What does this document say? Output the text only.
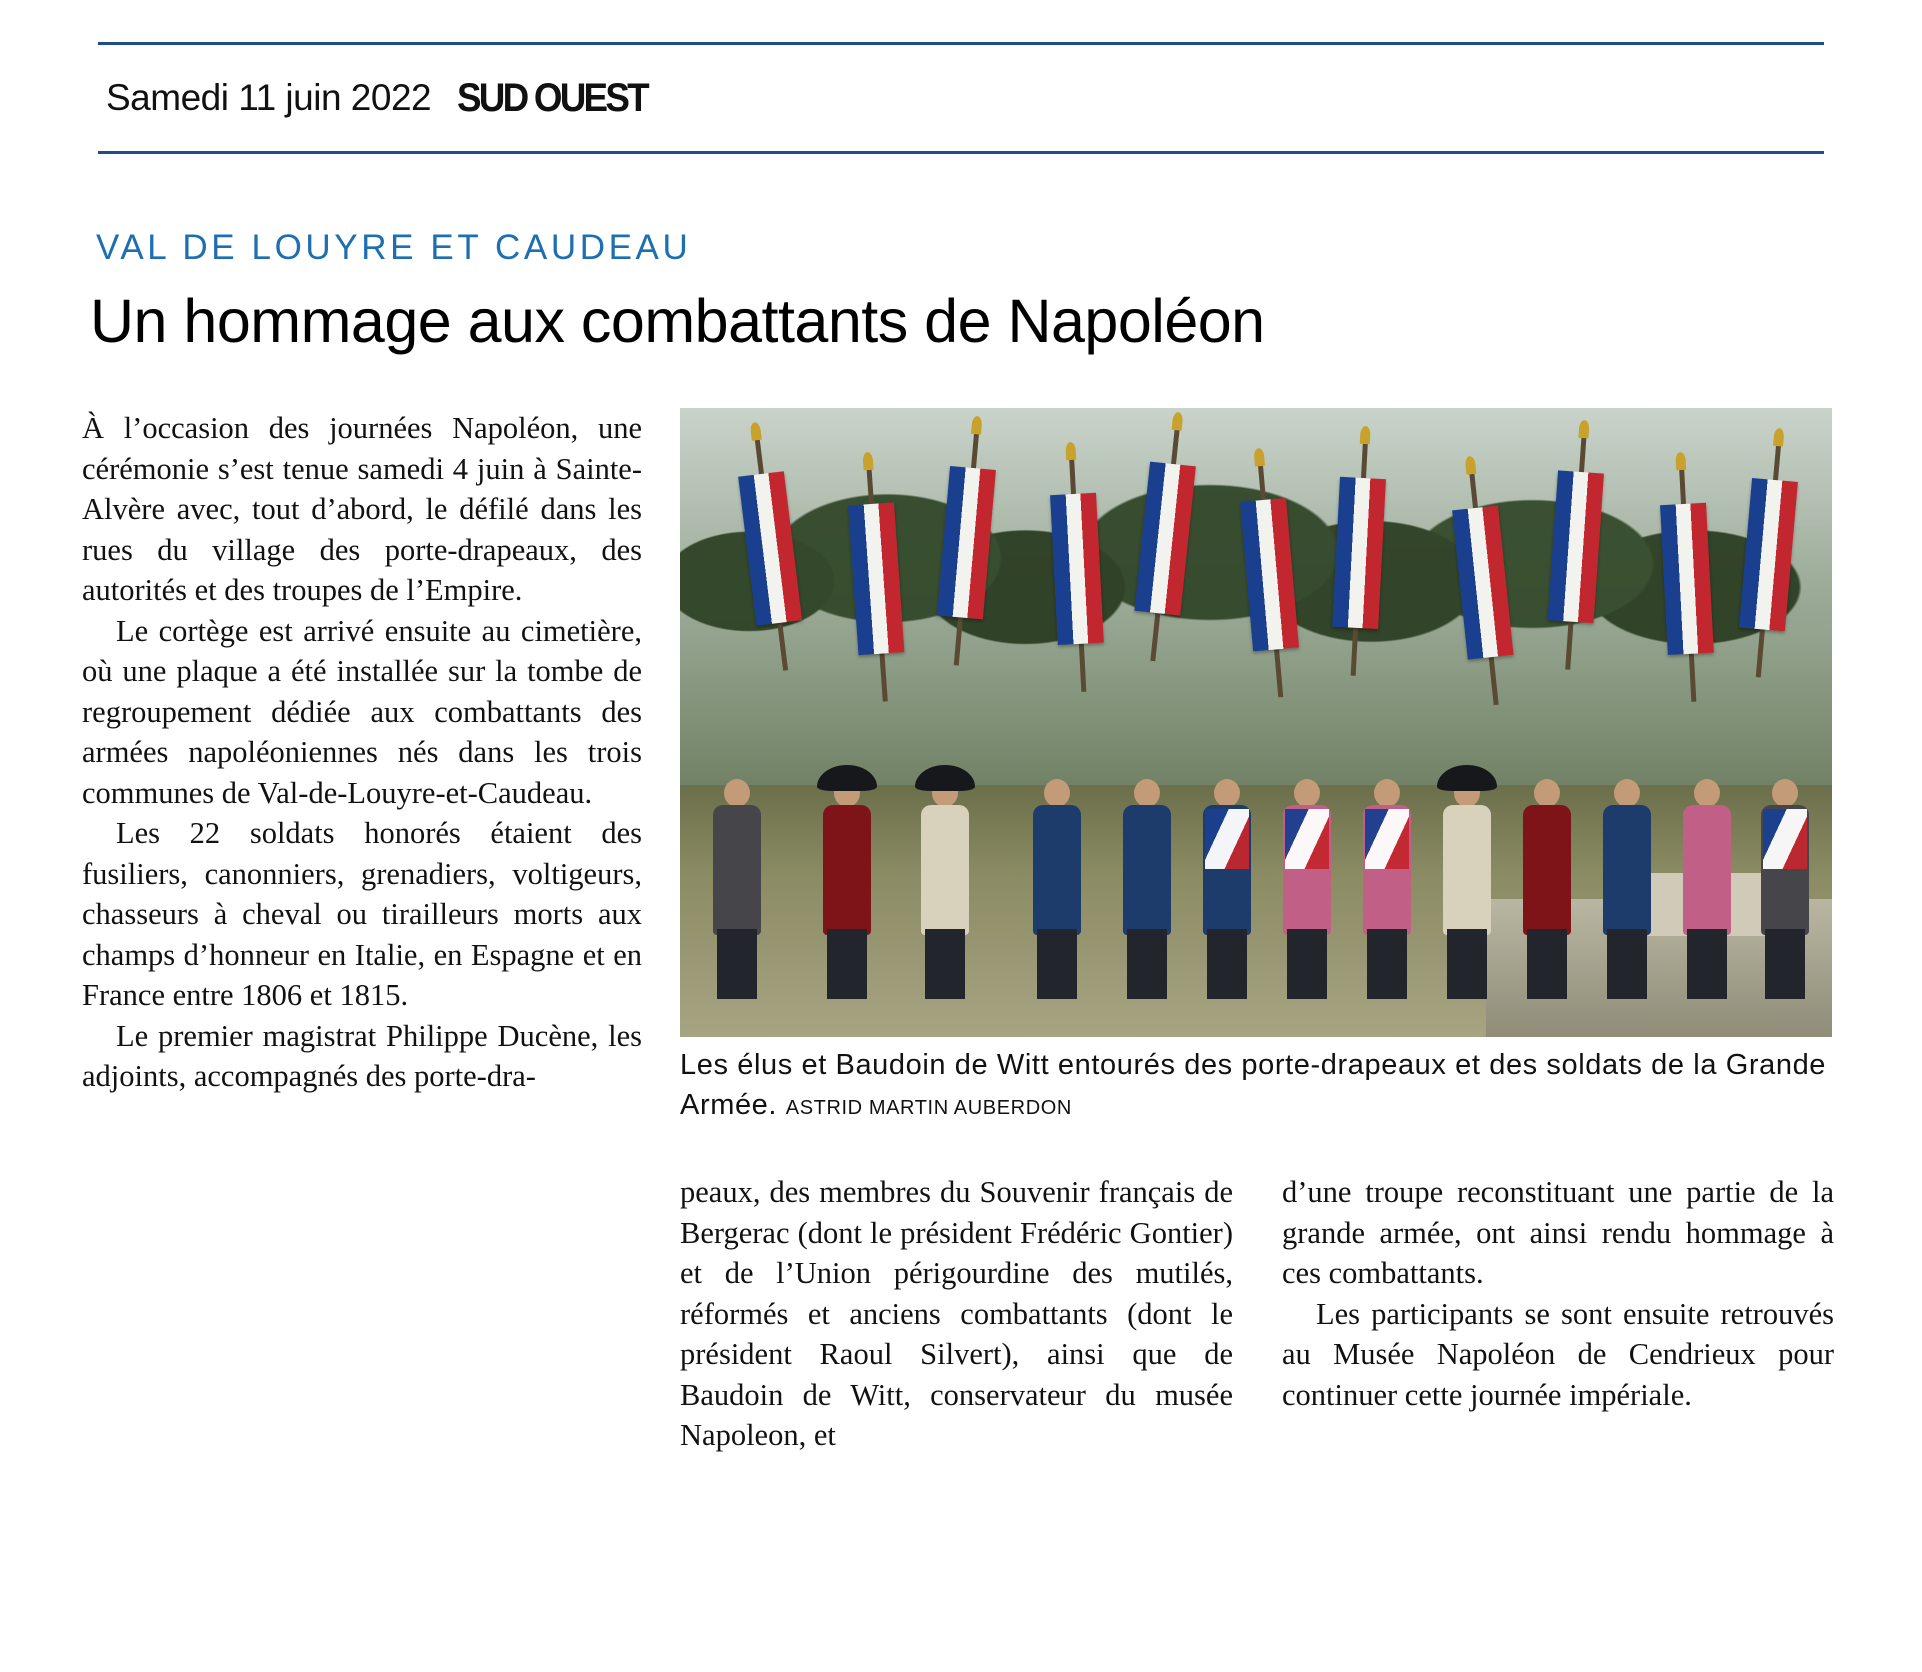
Samedi 11 juin 2022 SUD OUEST
VAL DE LOUYRE ET CAUDEAU
Un hommage aux combattants de Napoléon

À l’occasion des journées Napoléon, une cérémonie s’est tenue samedi 4 juin à Sainte-Alvère avec, tout d’abord, le défilé dans les rues du village des porte-drapeaux, des autorités et des troupes de l’Empire.

Le cortège est arrivé ensuite au cimetière, où une plaque a été installée sur la tombe de regroupement dédiée aux combattants des armées napoléoniennes nés dans les trois communes de Val-de-Louyre-et-Caudeau.

Les 22 soldats honorés étaient des fusiliers, canonniers, grenadiers, voltigeurs, chasseurs à cheval ou tirailleurs morts aux champs d’honneur en Italie, en Espagne et en France entre 1806 et 1815.

Le premier magistrat Philippe Ducène, les adjoints, accompagnés des porte-dra-	Les élus et Baudoin de Witt entourés des porte-drapeaux et des soldats de la Grande Armée. ASTRID MARTIN AUBERDON

peaux, des membres du Souvenir français de Bergerac (dont le président Frédéric Gontier) et de l’Union périgourdine des mutilés, réformés et anciens combattants (dont le président Raoul Silvert), ainsi que de Baudoin de Witt, conservateur du musée Napoleon, et

d’une troupe reconstituant une partie de la grande armée, ont ainsi rendu hommage à ces combattants.

Les participants se sont ensuite retrouvés au Musée Napoléon de Cendrieux pour continuer cette journée impériale.
